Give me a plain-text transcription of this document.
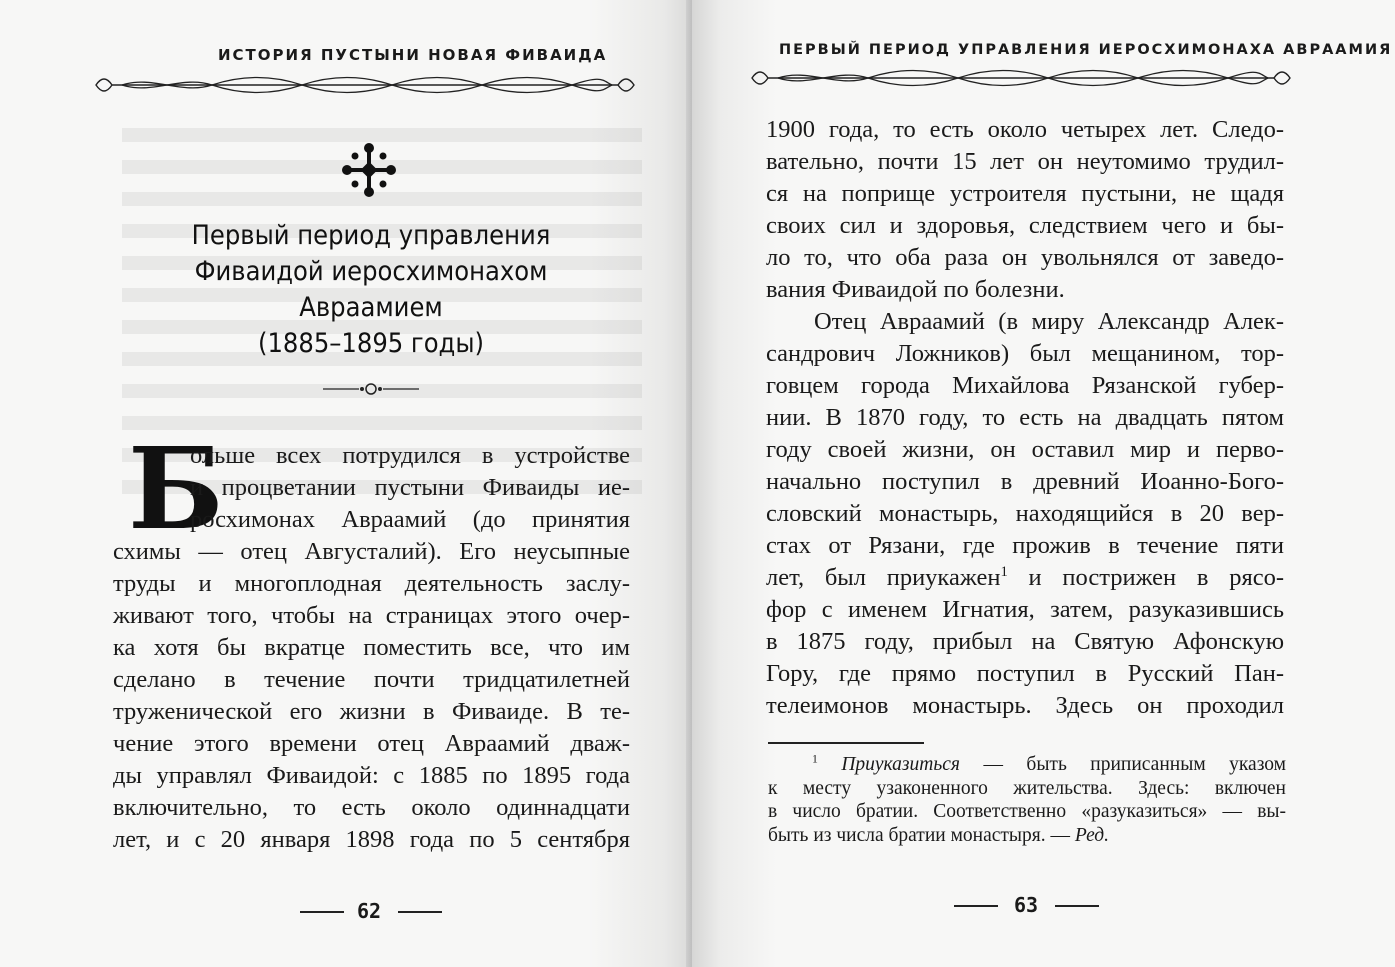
ИСТОРИЯ ПУСТЫНИ НОВАЯ ФИВАИДА
Первый период управления
Фиваидой иеросхимонахом
Авраамием
(1885–1895 годы)
Б
ольше всех потрудился в устройстве
и процветании пустыни Фиваиды ие-
росхимонах Авраамий (до принятия
схимы — отец Августалий). Его неусыпные
труды и многоплодная деятельность заслу-
живают того, чтобы на страницах этого очер-
ка хотя бы вкратце поместить все, что им
сделано в течение почти тридцатилетней
труженической его жизни в Фиваиде. В те-
чение этого времени отец Авраамий дваж-
ды управлял Фиваидой: с 1885 по 1895 года
включительно, то есть около одиннадцати
лет, и с 20 января 1898 года по 5 сентября
62
ПЕРВЫЙ ПЕРИОД УПРАВЛЕНИЯ ИЕРОСХИМОНАХА АВРААМИЯ
1900 года, то есть около четырех лет. Следо-
вательно, почти 15 лет он неутомимо трудил-
ся на поприще устроителя пустыни, не щадя
своих сил и здоровья, следствием чего и бы-
ло то, что оба раза он увольнялся от заведо-
вания Фиваидой по болезни.
Отец Авраамий (в миру Александр Алек-
сандрович Ложников) был мещанином, тор-
говцем города Михайлова Рязанской губер-
нии. В 1870 году, то есть на двадцать пятом
году своей жизни, он оставил мир и перво-
начально поступил в древний Иоанно-Бого-
словский монастырь, находящийся в 20 вер-
стах от Рязани, где прожив в течение пяти
лет, был приукажен$^1$ и пострижен в рясо-
фор с именем Игнатия, затем, разуказившись
в 1875 году, прибыл на Святую Афонскую
Гору, где прямо поступил в Русский Пан-
телеимонов монастырь. Здесь он проходил
$^1$ Приуказиться — быть приписанным указом
к месту узаконенного жительства. Здесь: включен
в число братии. Соответственно «разуказиться» — вы-
быть из числа братии монастыря. — Ред.
63
